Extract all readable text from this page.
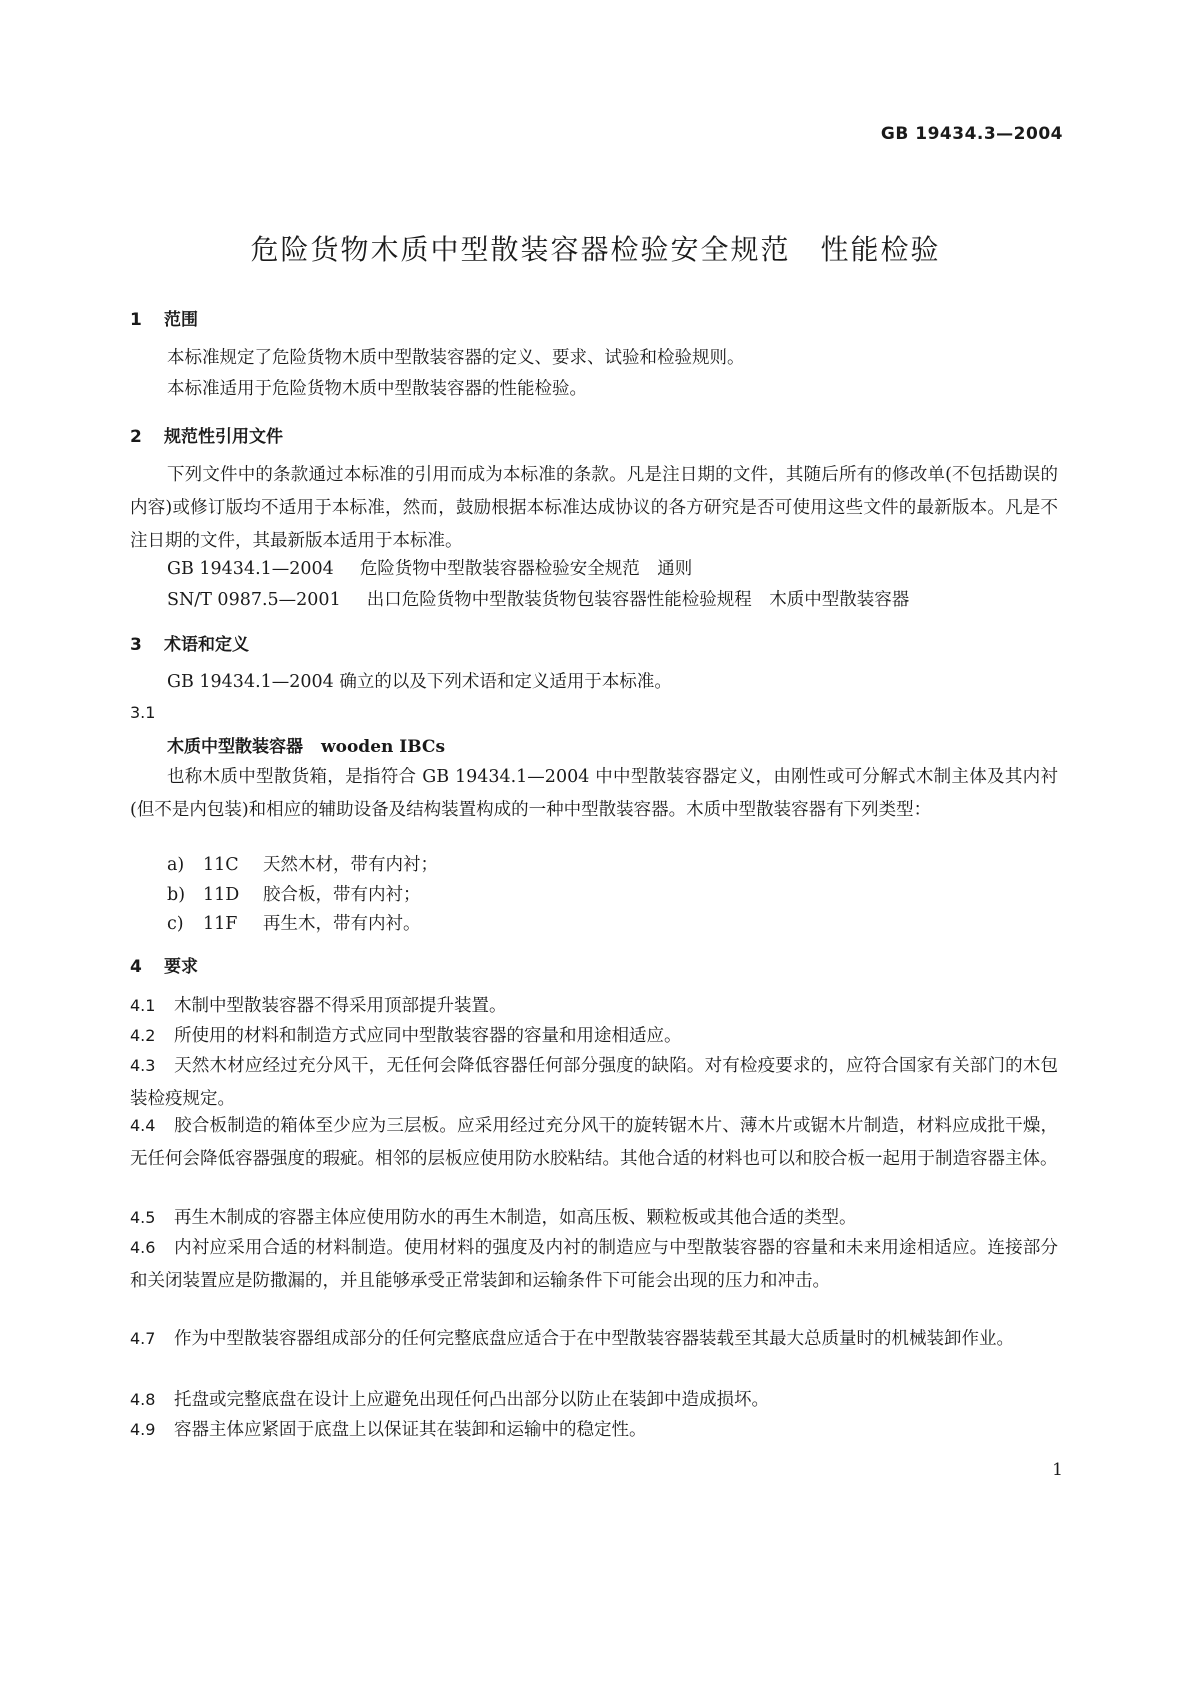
GB 19434.3—2004
危险货物木质中型散装容器检验安全规范　性能检验
1 范围
本标准规定了危险货物木质中型散装容器的定义、要求、试验和检验规则。
本标准适用于危险货物木质中型散装容器的性能检验。
2 规范性引用文件
下列文件中的条款通过本标准的引用而成为本标准的条款。凡是注日期的文件，其随后所有的修改单(不包括勘误的内容)或修订版均不适用于本标准，然而，鼓励根据本标准达成协议的各方研究是否可使用这些文件的最新版本。凡是不注日期的文件，其最新版本适用于本标准。
GB 19434.1—2004 危险货物中型散装容器检验安全规范　通则
SN/T 0987.5—2001 出口危险货物中型散装货物包装容器性能检验规程　木质中型散装容器
3 术语和定义
GB 19434.1—2004 确立的以及下列术语和定义适用于本标准。
3.1
木质中型散装容器 wooden IBCs
也称木质中型散货箱，是指符合 GB 19434.1—2004 中中型散装容器定义，由刚性或可分解式木制主体及其内衬(但不是内包装)和相应的辅助设备及结构装置构成的一种中型散装容器。木质中型散装容器有下列类型：
a) 11C 天然木材，带有内衬；
b) 11D 胶合板，带有内衬；
c) 11F 再生木，带有内衬。
4 要求
4.1 木制中型散装容器不得采用顶部提升装置。
4.2 所使用的材料和制造方式应同中型散装容器的容量和用途相适应。
4.3 天然木材应经过充分风干，无任何会降低容器任何部分强度的缺陷。对有检疫要求的，应符合国家有关部门的木包装检疫规定。
4.4 胶合板制造的箱体至少应为三层板。应采用经过充分风干的旋转锯木片、薄木片或锯木片制造，材料应成批干燥，无任何会降低容器强度的瑕疵。相邻的层板应使用防水胶粘结。其他合适的材料也可以和胶合板一起用于制造容器主体。
4.5 再生木制成的容器主体应使用防水的再生木制造，如高压板、颗粒板或其他合适的类型。
4.6 内衬应采用合适的材料制造。使用材料的强度及内衬的制造应与中型散装容器的容量和未来用途相适应。连接部分和关闭装置应是防撒漏的，并且能够承受正常装卸和运输条件下可能会出现的压力和冲击。
4.7 作为中型散装容器组成部分的任何完整底盘应适合于在中型散装容器装载至其最大总质量时的机械装卸作业。
4.8 托盘或完整底盘在设计上应避免出现任何凸出部分以防止在装卸中造成损坏。
4.9 容器主体应紧固于底盘上以保证其在装卸和运输中的稳定性。
1
